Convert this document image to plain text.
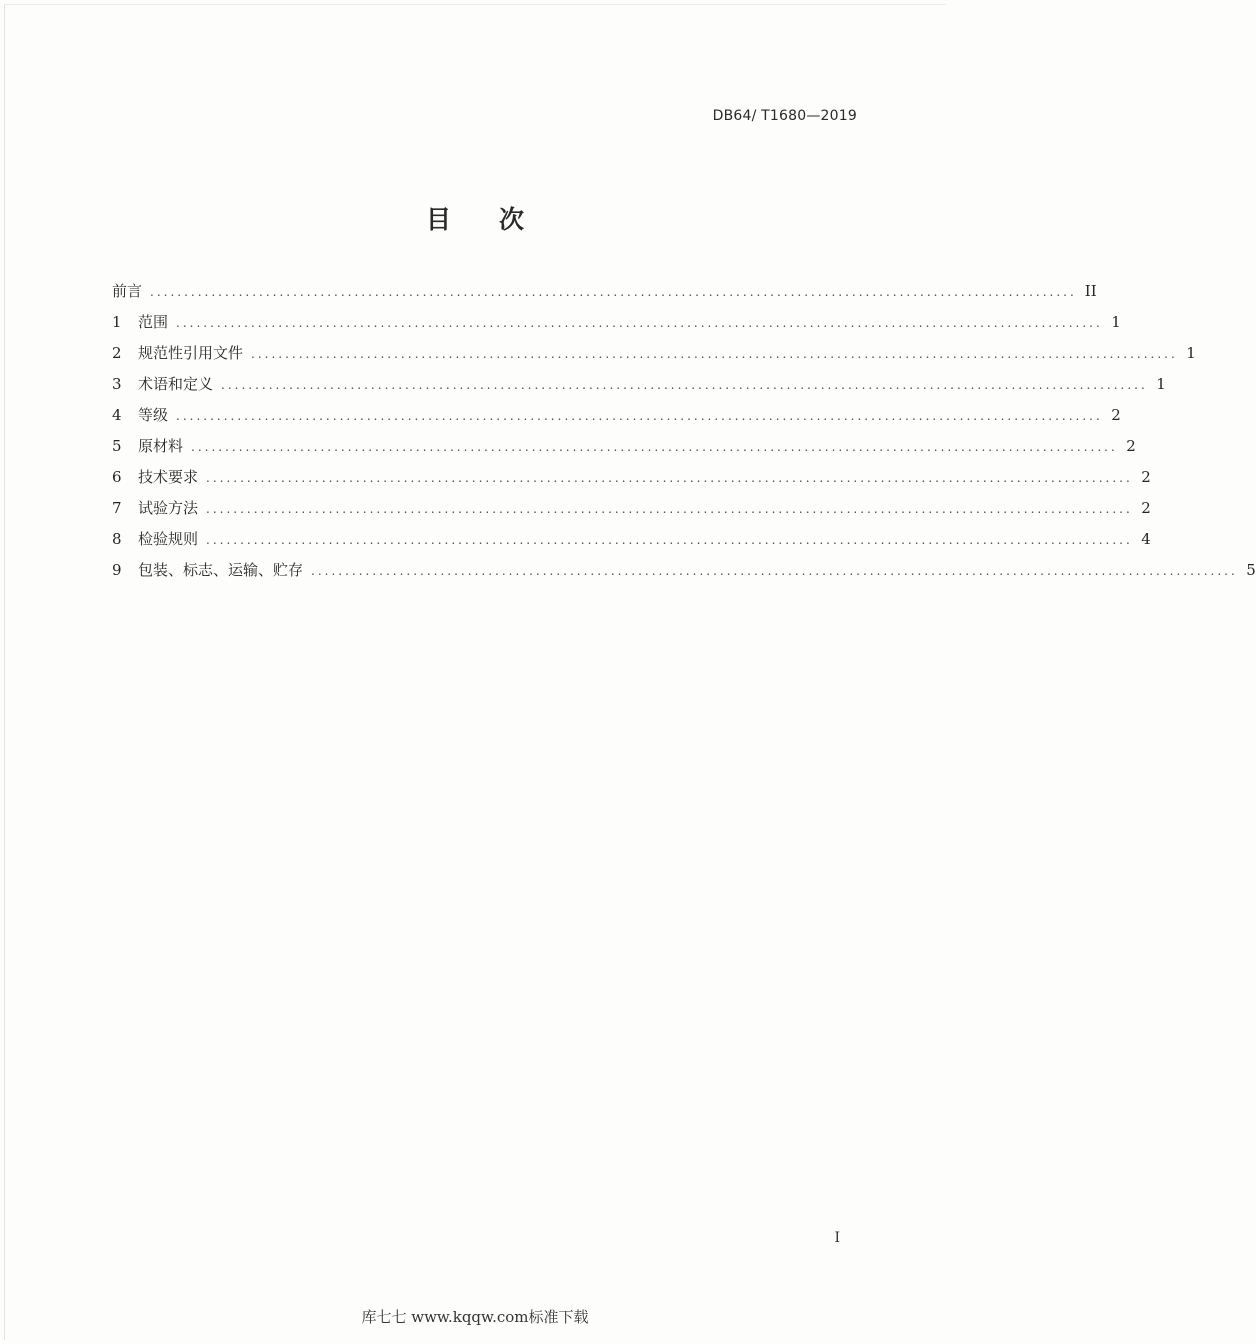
DB64/ T1680—2019
目次
前言 ........................................................................................................................................ II
1	范围 ........................................................................................................................................ 1
2	规范性引用文件 ........................................................................................................................................ 1
3	术语和定义 ........................................................................................................................................ 1
4	等级 ........................................................................................................................................ 2
5	原材料 ........................................................................................................................................ 2
6	技术要求 ........................................................................................................................................ 2
7	试验方法 ........................................................................................................................................ 2
8	检验规则 ........................................................................................................................................ 4
9	包装、标志、运输、贮存 ........................................................................................................................................ 5
I
库七七 www.kqqw.com标准下载
